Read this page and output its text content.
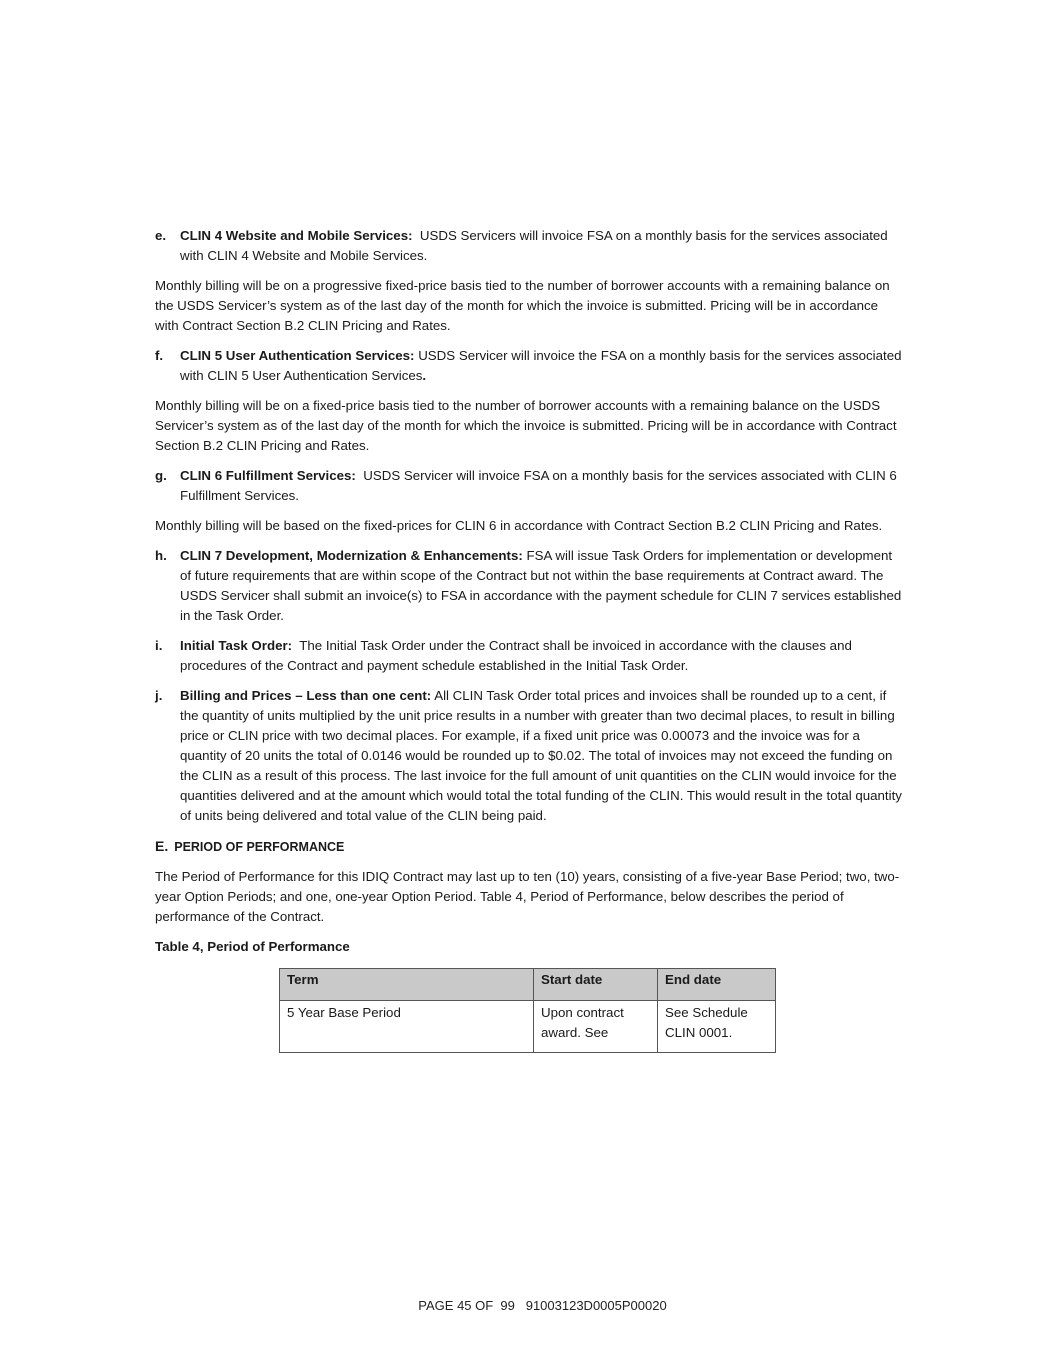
e. CLIN 4 Website and Mobile Services: USDS Servicers will invoice FSA on a monthly basis for the services associated with CLIN 4 Website and Mobile Services.

Monthly billing will be on a progressive fixed-price basis tied to the number of borrower accounts with a remaining balance on the USDS Servicer’s system as of the last day of the month for which the invoice is submitted. Pricing will be in accordance with Contract Section B.2 CLIN Pricing and Rates.

f. CLIN 5 User Authentication Services: USDS Servicer will invoice the FSA on a monthly basis for the services associated with CLIN 5 User Authentication Services.

Monthly billing will be on a fixed-price basis tied to the number of borrower accounts with a remaining balance on the USDS Servicer’s system as of the last day of the month for which the invoice is submitted. Pricing will be in accordance with Contract Section B.2 CLIN Pricing and Rates.

g. CLIN 6 Fulfillment Services: USDS Servicer will invoice FSA on a monthly basis for the services associated with CLIN 6 Fulfillment Services.

Monthly billing will be based on the fixed-prices for CLIN 6 in accordance with Contract Section B.2 CLIN Pricing and Rates.

h. CLIN 7 Development, Modernization & Enhancements: FSA will issue Task Orders for implementation or development of future requirements that are within scope of the Contract but not within the base requirements at Contract award. The USDS Servicer shall submit an invoice(s) to FSA in accordance with the payment schedule for CLIN 7 services established in the Task Order.
i. Initial Task Order: The Initial Task Order under the Contract shall be invoiced in accordance with the clauses and procedures of the Contract and payment schedule established in the Initial Task Order.
j. Billing and Prices – Less than one cent: All CLIN Task Order total prices and invoices shall be rounded up to a cent, if the quantity of units multiplied by the unit price results in a number with greater than two decimal places, to result in billing price or CLIN price with two decimal places. For example, if a fixed unit price was 0.00073 and the invoice was for a quantity of 20 units the total of 0.0146 would be rounded up to $0.02. The total of invoices may not exceed the funding on the CLIN as a result of this process. The last invoice for the full amount of unit quantities on the CLIN would invoice for the quantities delivered and at the amount which would total the total funding of the CLIN. This would result in the total quantity of units being delivered and total value of the CLIN being paid.
E. PERIOD OF PERFORMANCE

The Period of Performance for this IDIQ Contract may last up to ten (10) years, consisting of a five-year Base Period; two, two-year Option Periods; and one, one-year Option Period. Table 4, Period of Performance, below describes the period of performance of the Contract.

Table 4, Period of Performance
Term	Start date	End date
5 Year Base Period	Upon contract award. See	See Schedule CLIN 0001.
PAGE 45 OF  99   91003123D0005P00020
